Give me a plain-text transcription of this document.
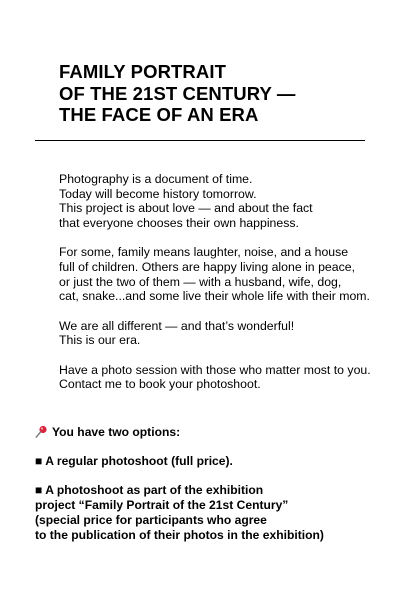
FAMILY PORTRAIT
OF THE 21ST CENTURY —
THE FACE OF AN ERA

Photography is a document of time.
Today will become history tomorrow.
This project is about love — and about the fact
that everyone chooses their own happiness.

For some, family means laughter, noise, and a house
full of children. Others are happy living alone in peace,
or just the two of them — with a husband, wife, dog,
cat, snake...and some live their whole life with their mom.

We are all different — and that’s wonderful!
This is our era.

Have a photo session with those who matter most to you.
Contact me to book your photoshoot.

You have two options:
■ A regular photoshoot (full price).
■ A photoshoot as part of the exhibition
project “Family Portrait of the 21st Century”
(special price for participants who agree
to the publication of their photos in the exhibition)
